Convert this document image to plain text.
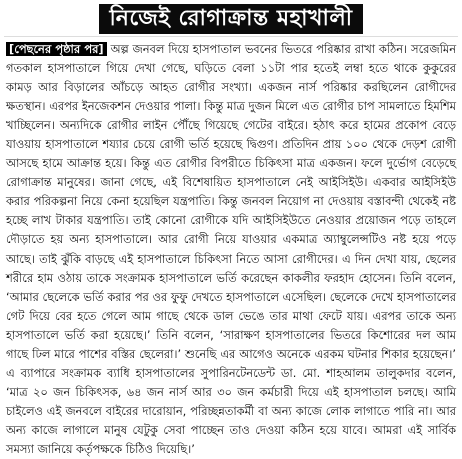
নিজেই রোগাক্রান্ত মহাখালী

[পেছনের পৃষ্ঠার পর] অল্প জনবল দিয়ে হাসপাতাল ভবনের ভিতরে পরিষ্কার রাখা কঠিন। সরেজমিন গতকাল হাসপাতালে গিয়ে দেখা গেছে, ঘড়িতে বেলা ১১টা পার হতেই লম্বা হতে থাকে কুকুরের কামড় আর বিড়ালের আঁচড়ে আহত রোগীর সংখ্যা। একজন নার্স পরিষ্কার করছিলেন রোগীদের ক্ষতস্থান। এরপর ইনজেকশন দেওয়ার পালা। কিন্তু মাত্র দুজন মিলে এত রোগীর চাপ সামলাতে হিমশিম খাচ্ছিলেন। অন্যদিকে রোগীর লাইন পৌঁছে গিয়েছে গেটের বাইরে। হঠাৎ করে হামের প্রকোপ বেড়ে যাওয়ায় হাসপাতালে শয্যার চেয়ে রোগী ভর্তি হয়েছে দ্বিগুণ। প্রতিদিন প্রায় ১০০ থেকে দেড়শ রোগী আসছে হামে আক্রান্ত হয়ে। কিন্তু এত রোগীর বিপরীতে চিকিৎসা মাত্র একজন। ফলে দুর্ভোগ বেড়েছে রোগাক্রান্ত মানুষের। জানা গেছে, এই বিশেষায়িত হাসপাতালে নেই আইসিইউ। একবার আইসিইউ করার পরিকল্পনা নিয়ে কেনা হয়েছিল যন্ত্রপাতি। কিন্তু জনবল নিয়োগ না দেওয়ায় বস্তাবন্দী থেকেই নষ্ট হচ্ছে লাখ টাকার যন্ত্রপাতি। তাই কোনো রোগীকে যদি আইসিইউতে নেওয়ার প্রয়োজন পড়ে তাহলে দৌড়াতে হয় অন্য হাসপাতালে। আর রোগী নিয়ে যাওয়ার একমাত্র অ্যাম্বুলেন্সটিও নষ্ট হয়ে পড়ে আছে। তাই ঝুঁকি বাড়ছে এই হাসপাতালে চিকিৎসা নিতে আসা রোগীদের। এ দিন দেখা যায়, ছেলের শরীরে হাম ওঠায় তাকে সংক্রামক হাসপাতালে ভর্তি করেছেন কাকলীর ফরহাদ হোসেন। তিনি বলেন, ‘আমার ছেলেকে ভর্তি করার পর ওর ফুফু দেখতে হাসপাতালে এসেছিল। ছেলেকে দেখে হাসপাতালের গেট দিয়ে বের হতে গেলে আম গাছে থেকে ডাল ভেঙে তার মাথা ফেটে যায়। এরপর তাকে অন্য হাসপাতালে ভর্তি করা হয়েছে।’ তিনি বলেন, ‘সারাক্ষণ হাসপাতালের ভিতরে কিশোরের দল আম গাছে ঢিল মারে পাশের বস্তির ছেলেরা।’ শুনেছি এর আগেও অনেকে এরকম ঘটনার শিকার হয়েছেন।’ এ ব্যাপারে সংক্রামক ব্যাধি হাসপাতালের সুপারিনটেনডেন্ট ডা. মো. শাহআলম তালুকদার বলেন, ‘মাত্র ২০ জন চিকিৎসক, ৬৪ জন নার্স আর ৩০ জন কর্মচারী দিয়ে এই হাসপাতাল চলছে। আমি চাইলেও এই জনবলে বাইরের দারোয়ান, পরিচ্ছন্নতাকর্মী বা অন্য কাজে লোক লাগাতে পারি না। আর অন্য কাজে লাগালে মানুষ যেটুকু সেবা পাচ্ছেন তাও দেওয়া কঠিন হয়ে যাবে। আমরা এই সার্বিক সমস্যা জানিয়ে কর্তৃপক্ষকে চিঠিও দিয়েছি।’
